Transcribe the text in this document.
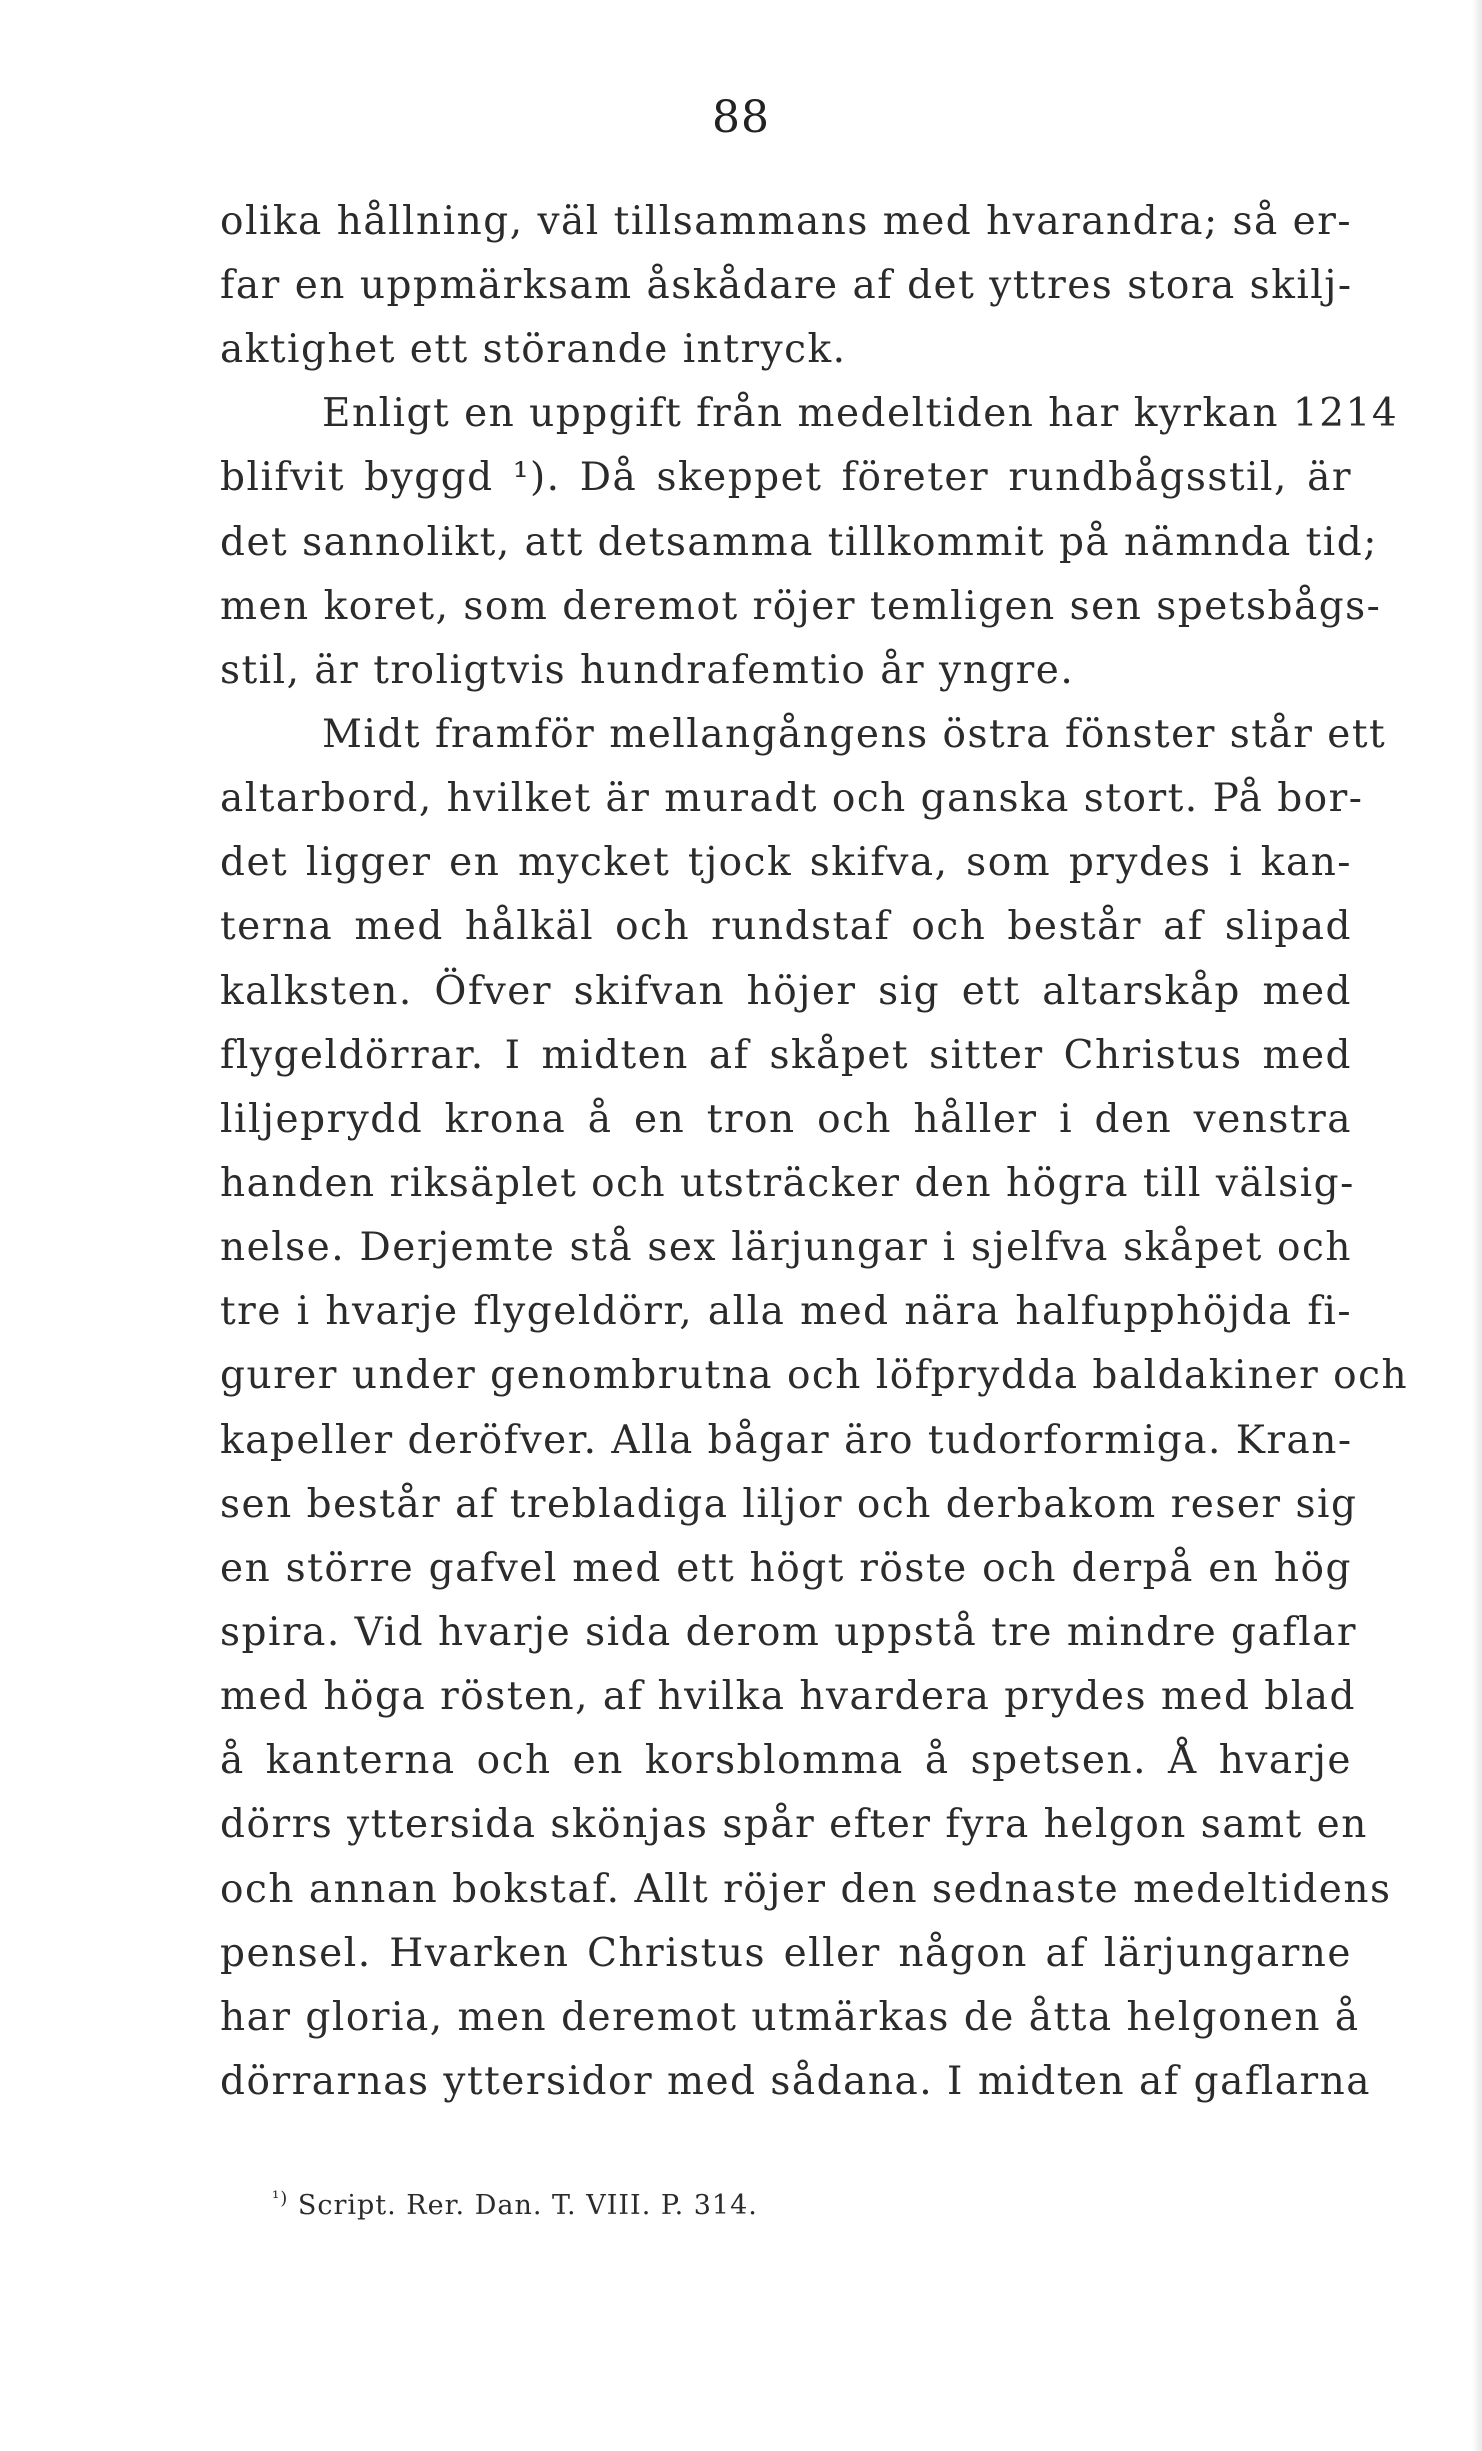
88
olika hållning, väl tillsammans med hvarandra; så er-
far en uppmärksam åskådare af det yttres stora skilj-
aktighet ett störande intryck.
Enligt en uppgift från medeltiden har kyrkan 1214
blifvit byggd ¹). Då skeppet företer rundbågsstil, är
det sannolikt, att detsamma tillkommit på nämnda tid;
men koret, som deremot röjer temligen sen spetsbågs-
stil, är troligtvis hundrafemtio år yngre.
Midt framför mellangångens östra fönster står ett
altarbord, hvilket är muradt och ganska stort. På bor-
det ligger en mycket tjock skifva, som prydes i kan-
terna med hålkäl och rundstaf och består af slipad
kalksten. Öfver skifvan höjer sig ett altarskåp med
flygeldörrar. I midten af skåpet sitter Christus med
liljeprydd krona å en tron och håller i den venstra
handen riksäplet och utsträcker den högra till välsig-
nelse. Derjemte stå sex lärjungar i sjelfva skåpet och
tre i hvarje flygeldörr, alla med nära halfupphöjda fi-
gurer under genombrutna och löfprydda baldakiner och
kapeller deröfver. Alla bågar äro tudorformiga. Kran-
sen består af trebladiga liljor och derbakom reser sig
en större gafvel med ett högt röste och derpå en hög
spira. Vid hvarje sida derom uppstå tre mindre gaflar
med höga rösten, af hvilka hvardera prydes med blad
å kanterna och en korsblomma å spetsen. Å hvarje
dörrs yttersida skönjas spår efter fyra helgon samt en
och annan bokstaf. Allt röjer den sednaste medeltidens
pensel. Hvarken Christus eller någon af lärjungarne
har gloria, men deremot utmärkas de åtta helgonen å
dörrarnas yttersidor med sådana. I midten af gaflarna
$^{^1)}$ Script. Rer. Dan. T. VIII. P. 314.
